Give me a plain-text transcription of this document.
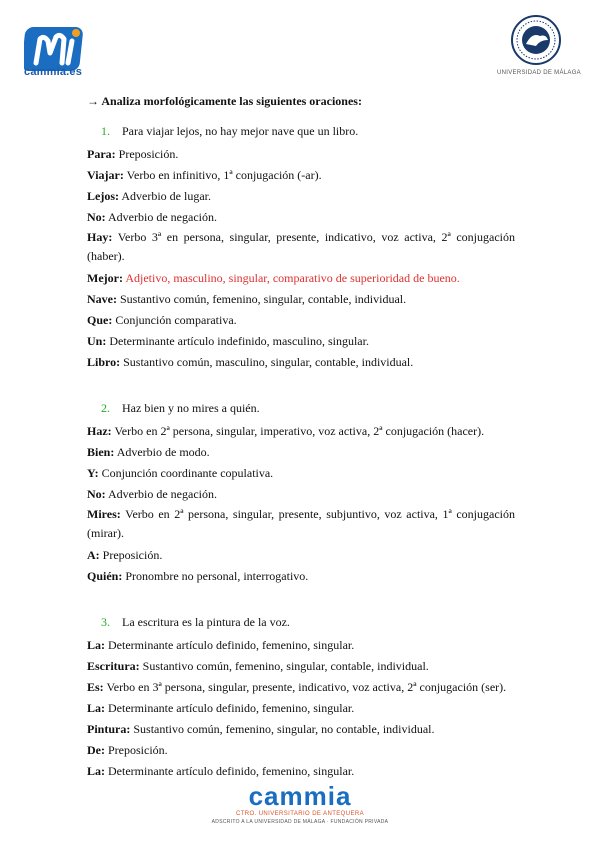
cammia.es	UNIVERSIDAD DE MÁLAGA
→ Analiza morfológicamente las siguientes oraciones:
1. Para viajar lejos, no hay mejor nave que un libro.
Para: Preposición.
Viajar: Verbo en infinitivo, 1ª conjugación (-ar).
Lejos: Adverbio de lugar.
No: Adverbio de negación.
Hay: Verbo 3ª en persona, singular, presente, indicativo, voz activa, 2ª conjugación (haber).
Mejor: Adjetivo, masculino, singular, comparativo de superioridad de bueno.
Nave: Sustantivo común, femenino, singular, contable, individual.
Que: Conjunción comparativa.
Un: Determinante artículo indefinido, masculino, singular.
Libro: Sustantivo común, masculino, singular, contable, individual.
2. Haz bien y no mires a quién.
Haz: Verbo en 2ª persona, singular, imperativo, voz activa, 2ª conjugación (hacer).
Bien: Adverbio de modo.
Y: Conjunción coordinante copulativa.
No: Adverbio de negación.
Mires: Verbo en 2ª persona, singular, presente, subjuntivo, voz activa, 1ª conjugación (mirar).
A: Preposición.
Quién: Pronombre no personal, interrogativo.
3. La escritura es la pintura de la voz.
La: Determinante artículo definido, femenino, singular.
Escritura: Sustantivo común, femenino, singular, contable, individual.
Es: Verbo en 3ª persona, singular, presente, indicativo, voz activa, 2ª conjugación (ser).
La: Determinante artículo definido, femenino, singular.
Pintura: Sustantivo común, femenino, singular, no contable, individual.
De: Preposición.
La: Determinante artículo definido, femenino, singular.
cammia
CTRO. UNIVERSITARIO DE ANTEQUERA
ADSCRITO A LA UNIVERSIDAD DE MÁLAGA · FUNDACIÓN PRIVADA
